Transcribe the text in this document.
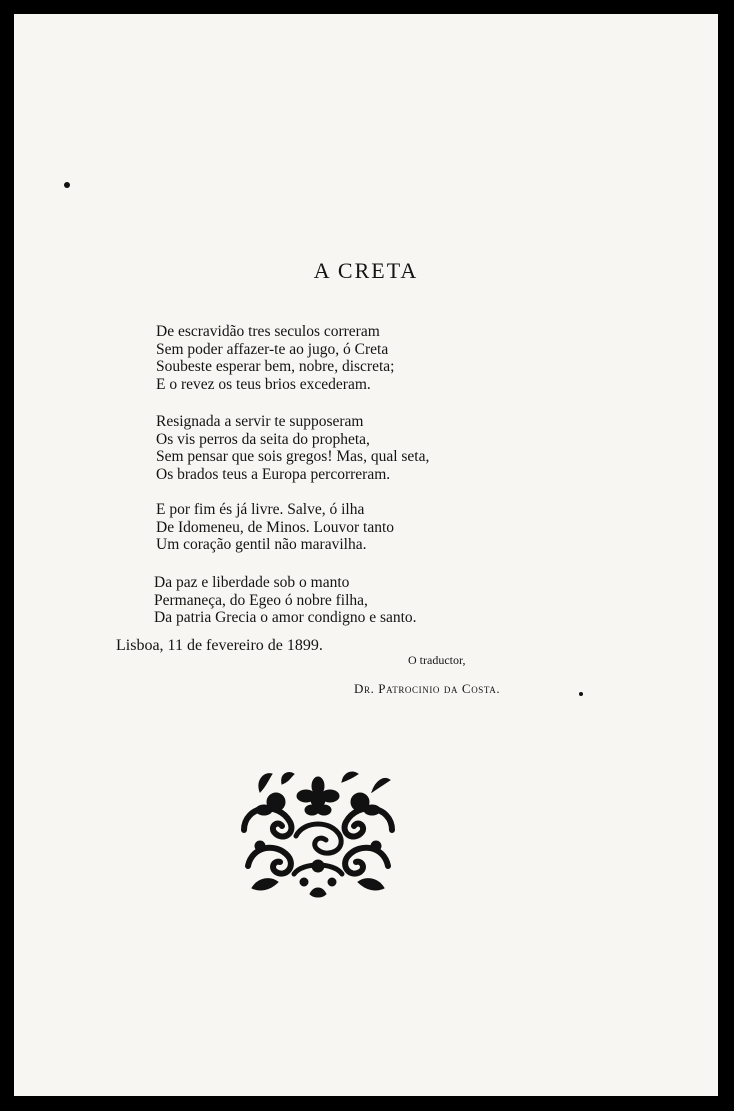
A CRETA
De escravidão tres seculos correram
Sem poder affazer-te ao jugo, ó Creta
Soubeste esperar bem, nobre, discreta;
E o revez os teus brios excederam.
Resignada a servir te supposeram
Os vis perros da seita do propheta,
Sem pensar que sois gregos! Mas, qual seta,
Os brados teus a Europa percorreram.
E por fim és já livre. Salve, ó ilha
De Idomeneu, de Minos. Louvor tanto
Um coração gentil não maravilha.
Da paz e liberdade sob o manto
Permaneça, do Egeo ó nobre filha,
Da patria Grecia o amor condigno e santo.
Lisboa, 11 de fevereiro de 1899.
O traductor,
Dr. Patrocinio da Costa.
